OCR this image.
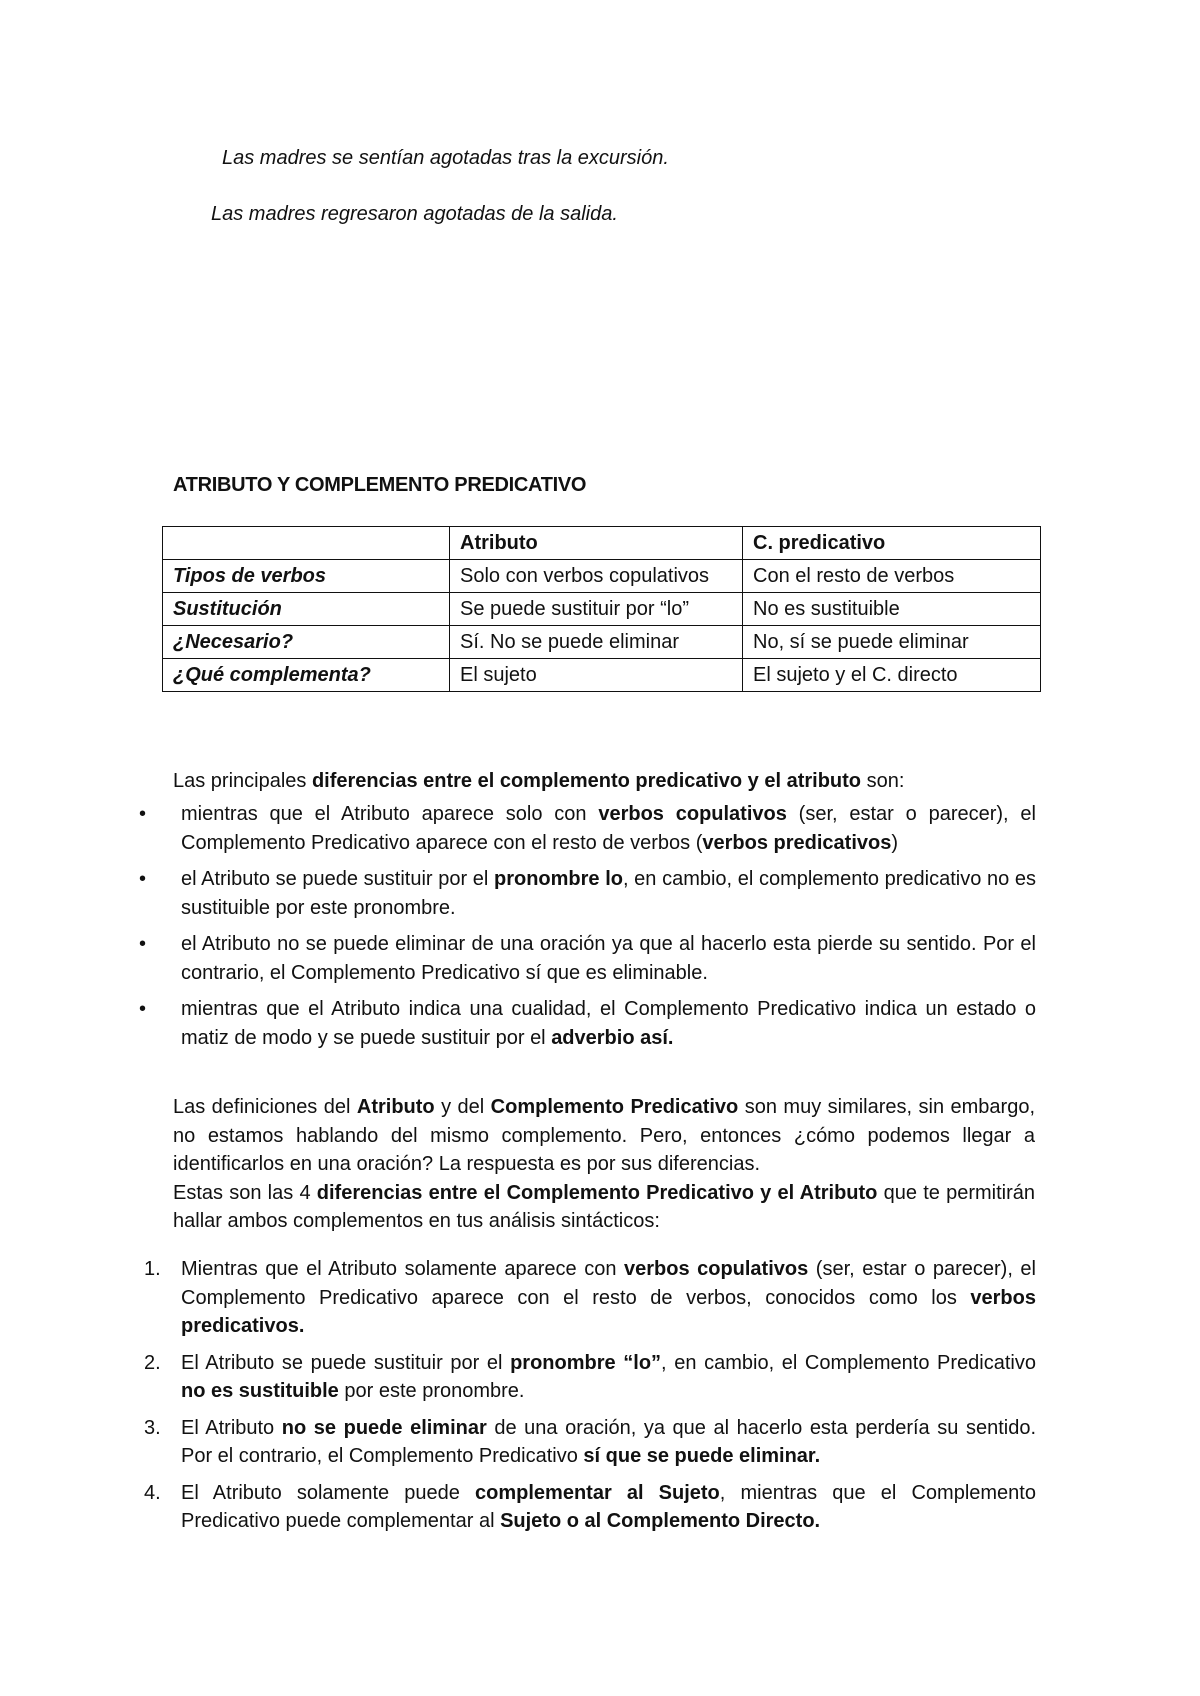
Las madres se sentían agotadas tras la excursión.
Las madres regresaron agotadas de la salida.
ATRIBUTO Y COMPLEMENTO PREDICATIVO
	Atributo	C. predicativo
Tipos de verbos	Solo con verbos copulativos	Con el resto de verbos
Sustitución	Se puede sustituir por “lo”	No es sustituible
¿Necesario?	Sí. No se puede eliminar	No, sí se puede eliminar
¿Qué complementa?	El sujeto	El sujeto y el C. directo
Las principales diferencias entre el complemento predicativo y el atributo son:
• mientras que el Atributo aparece solo con verbos copulativos (ser, estar o parecer), el Complemento Predicativo aparece con el resto de verbos (verbos predicativos)
• el Atributo se puede sustituir por el pronombre lo, en cambio, el complemento predicativo no es sustituible por este pronombre.
• el Atributo no se puede eliminar de una oración ya que al hacerlo esta pierde su sentido. Por el contrario, el Complemento Predicativo sí que es eliminable.
• mientras que el Atributo indica una cualidad, el Complemento Predicativo indica un estado o matiz de modo y se puede sustituir por el adverbio así.
Las definiciones del Atributo y del Complemento Predicativo son muy similares, sin embargo, no estamos hablando del mismo complemento. Pero, entonces ¿cómo podemos llegar a identificarlos en una oración? La respuesta es por sus diferencias.
Estas son las 4 diferencias entre el Complemento Predicativo y el Atributo que te permitirán hallar ambos complementos en tus análisis sintácticos:
1. Mientras que el Atributo solamente aparece con verbos copulativos (ser, estar o parecer), el Complemento Predicativo aparece con el resto de verbos, conocidos como los verbos predicativos.
2. El Atributo se puede sustituir por el pronombre “lo”, en cambio, el Complemento Predicativo no es sustituible por este pronombre.
3. El Atributo no se puede eliminar de una oración, ya que al hacerlo esta perdería su sentido. Por el contrario, el Complemento Predicativo sí que se puede eliminar.
4. El Atributo solamente puede complementar al Sujeto, mientras que el Complemento Predicativo puede complementar al Sujeto o al Complemento Directo.
